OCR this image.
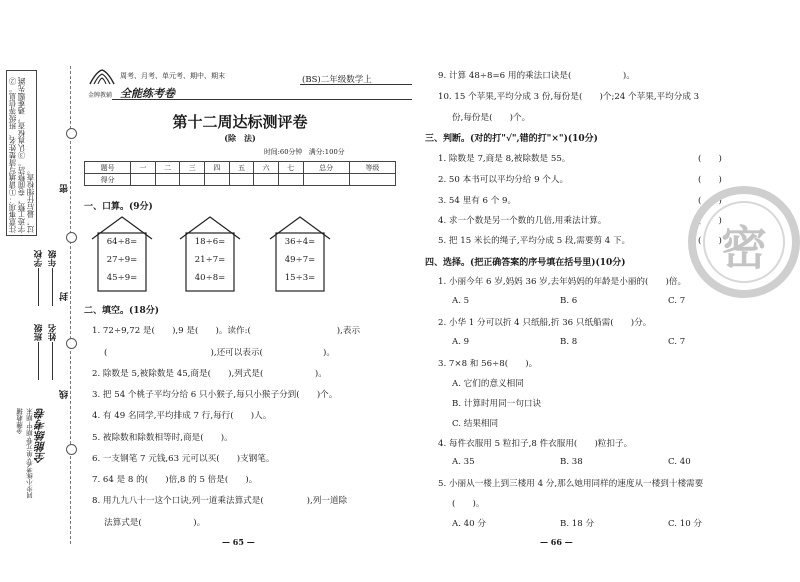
密
封
线
注意事项：①请填写清楚姓名、班级等信息。②字迹工整，卷面整洁。③认真检查，遇难题先跳过，最后仔细检查。
学校
班级
年级
姓名
全能练考卷
同步小练考卷·单元卷·期中·期末
金牌教辅
金牌教辅
周考、月考、单元考、期中、期末
全能练考卷
(BS)二年级数学上
第十二周达标测评卷
(除　法)
时间:60分钟　满分:100分
题号	一	二	三	四	五	六	七	总分	等级
得分									
一、口算。(9分)
64÷8=
27÷9=
45÷9=
18÷6=
21÷7=
40÷8=
36÷4=
49÷7=
15÷3=
二、填空。(18分)
1. 72÷9,72 是(　　),9 是(　　)。读作:(　　　　　　　　　　),表示
(　　　　　　　　　　　　),还可以表示(　　　　　　　)。
2. 除数是 5,被除数是 45,商是(　　),列式是(　　　　　　)。
3. 把 54 个桃子平均分给 6 只小猴子,每只小猴子分到(　　)个。
4. 有 49 名同学,平均排成 7 行,每行(　　)人。
5. 被除数和除数相等时,商是(　　)。
6. 一支钢笔 7 元钱,63 元可以买(　　)支钢笔。
7. 64 是 8 的(　　)倍,8 的 5 倍是(　　)。
8. 用九九八十一这个口诀,列一道乘法算式是(　　　　　),列一道除
法算式是(　　　　　　)。
— 65 —
9. 计算 48÷8=6 用的乘法口诀是(　　　　　　)。
10. 15 个苹果,平均分成 3 份,每份是(　　)个;24 个苹果,平均分成 3
份,每份是(　　)个。
三、判断。(对的打"√",错的打"×")(10分)
1. 除数是 7,商是 8,被除数是 55。	(　　)
2. 50 本书可以平均分给 9 个人。	(　　)
3. 54 里有 6 个 9。	(　　)
4. 求一个数是另一个数的几倍,用乘法计算。	(　　)
5. 把 15 米长的绳子,平均分成 5 段,需要剪 4 下。	(　　)
四、选择。(把正确答案的序号填在括号里)(10分)
1. 小丽今年 6 岁,妈妈 36 岁,去年妈妈的年龄是小丽的(　　)倍。
A. 5	B. 6	C. 7
2. 小华 1 分可以折 4 只纸船,折 36 只纸船需(　　)分。
A. 9	B. 8	C. 7
3. 7×8 和 56÷8(　　)。
A. 它们的意义相同
B. 计算时用同一句口诀
C. 结果相同
4. 每件衣服用 5 粒扣子,8 件衣服用(　　)粒扣子。
A. 35	B. 38	C. 40
5. 小丽从一楼上到三楼用 4 分,那么她用同样的速度从一楼到十楼需要
(　　)。
A. 40 分	B. 18 分	C. 10 分
— 66 —
密
